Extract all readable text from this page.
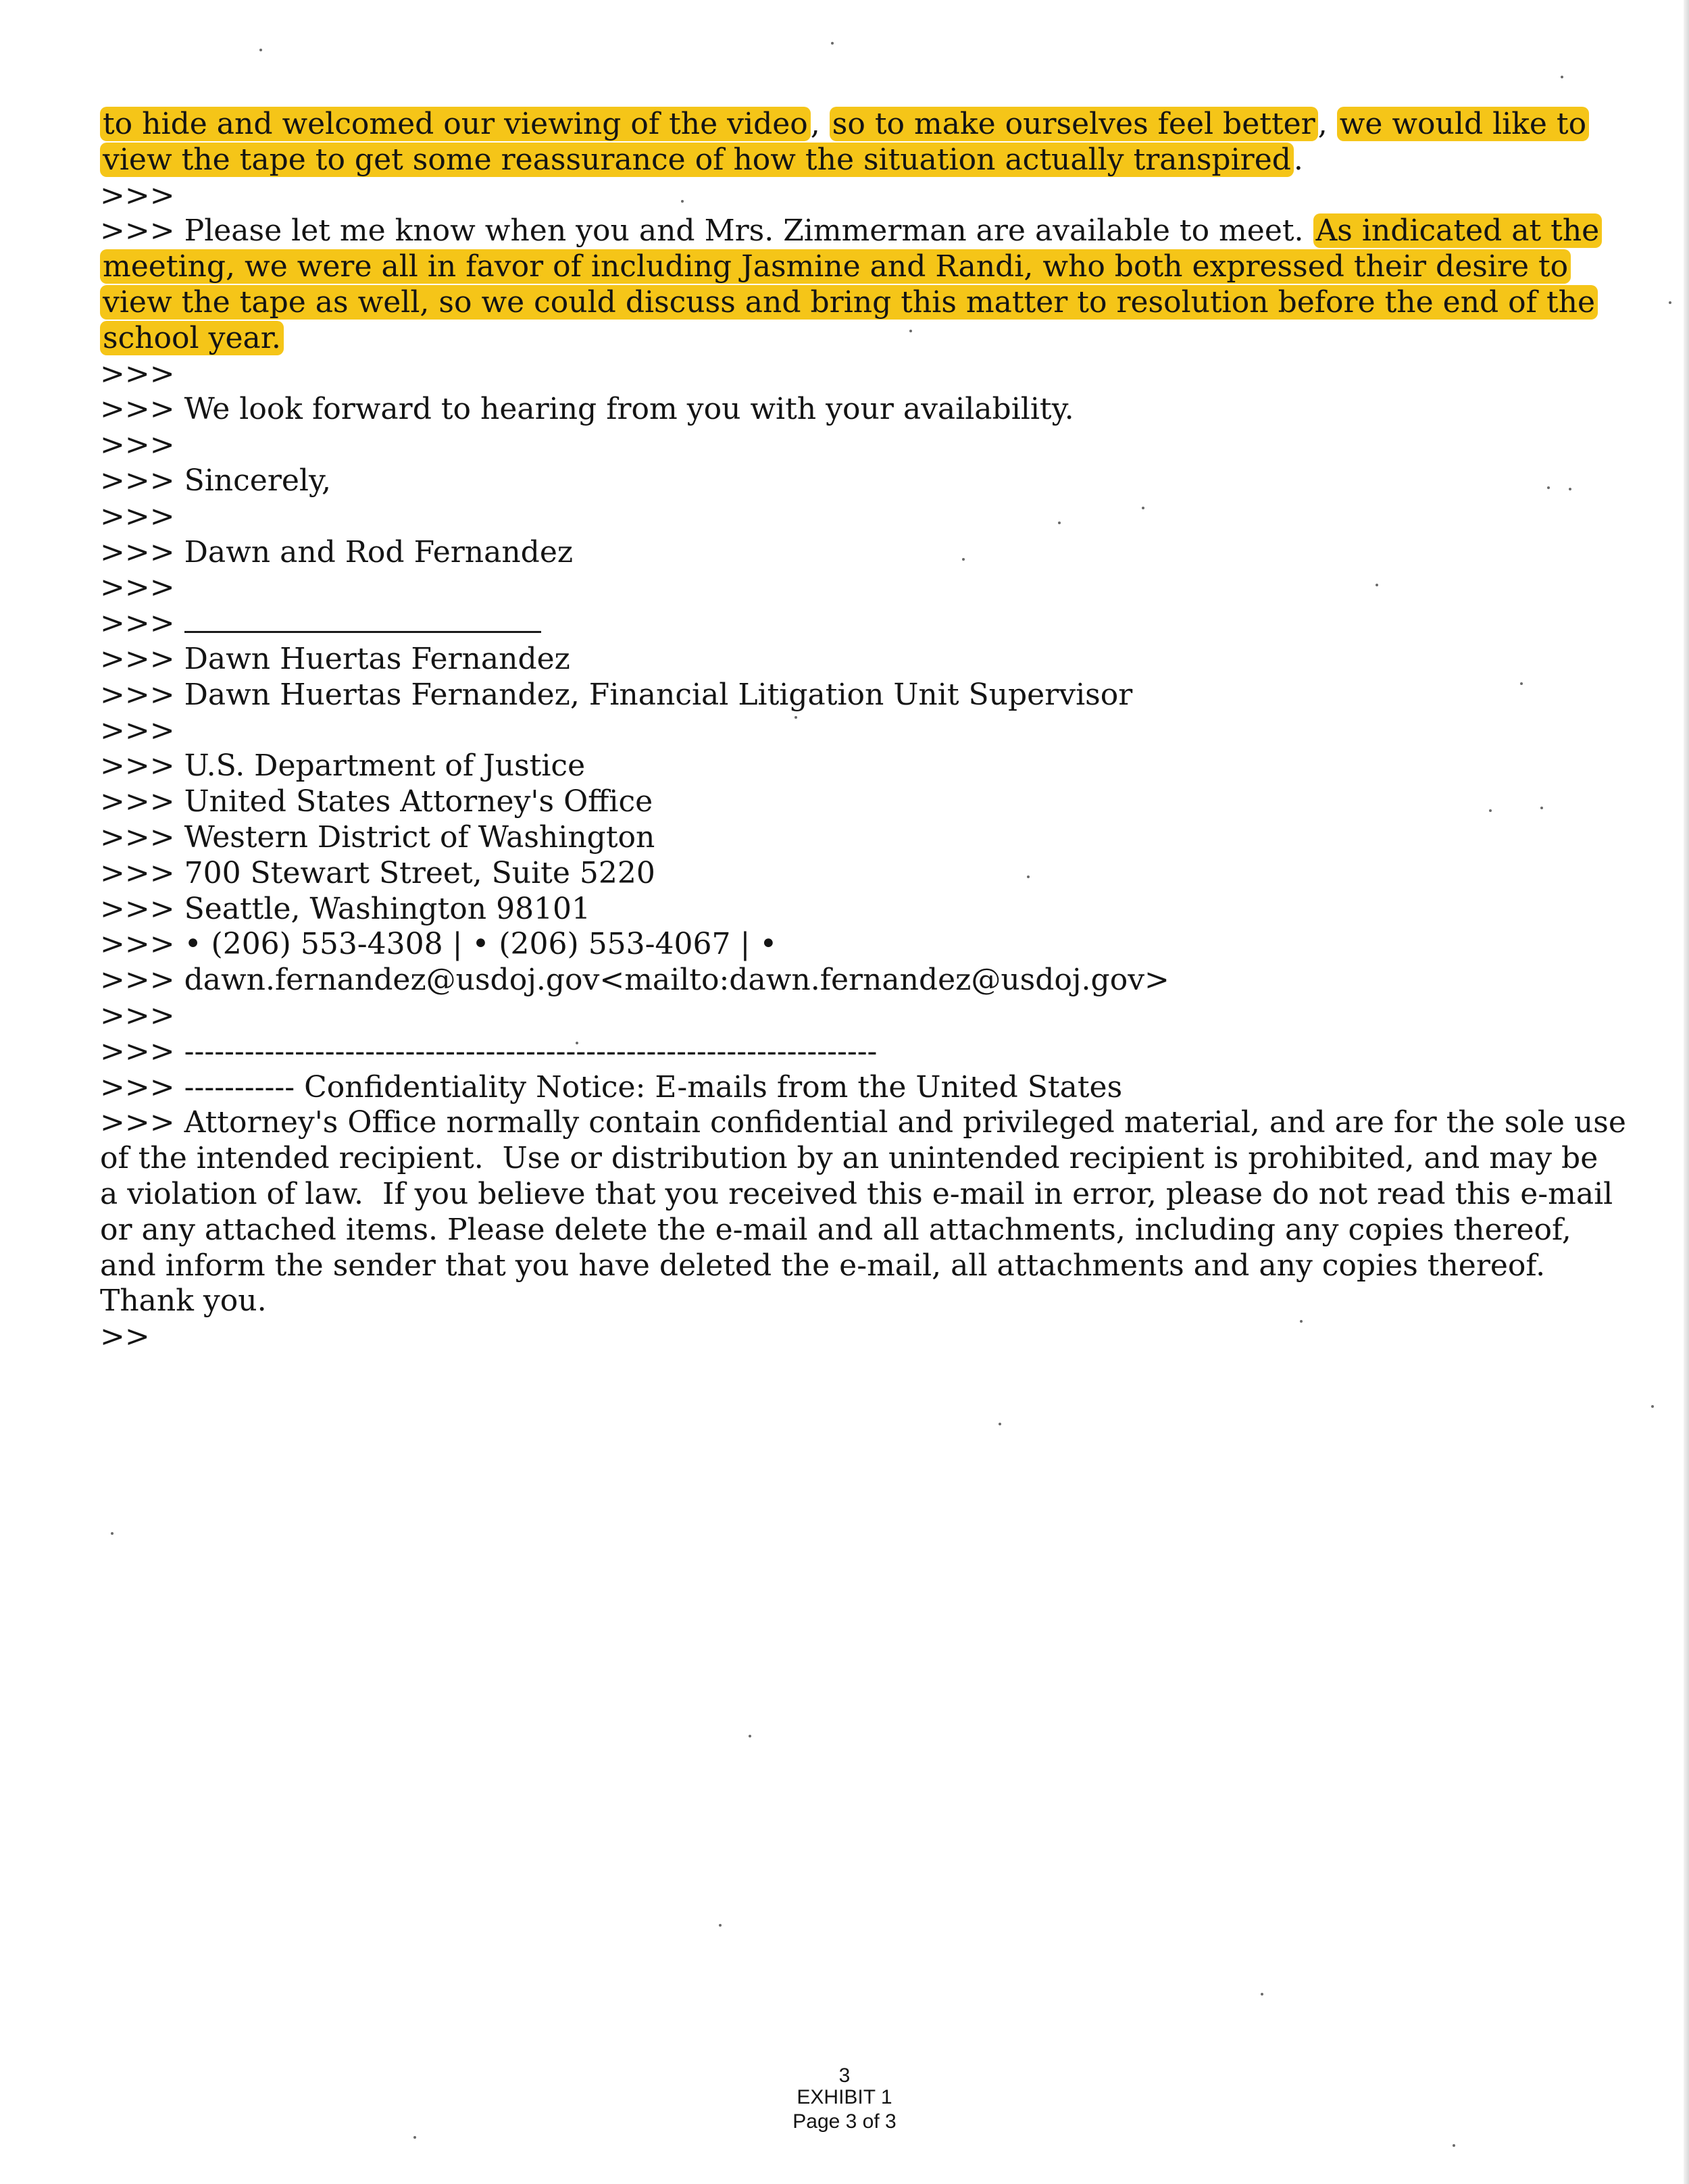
to hide and welcomed our viewing of the video, so to make ourselves feel better, we would like to
view the tape to get some reassurance of how the situation actually transpired.
>>>
>>> Please let me know when you and Mrs. Zimmerman are available to meet. As indicated at the
meeting, we were all in favor of including Jasmine and Randi, who both expressed their desire to
view the tape as well, so we could discuss and bring this matter to resolution before the end of the
school year.
>>>
>>> We look forward to hearing from you with your availability.
>>>
>>> Sincerely,
>>>
>>> Dawn and Rod Fernandez
>>>
>>>
>>> Dawn Huertas Fernandez
>>> Dawn Huertas Fernandez, Financial Litigation Unit Supervisor
>>>
>>> U.S. Department of Justice
>>> United States Attorney's Office
>>> Western District of Washington
>>> 700 Stewart Street, Suite 5220
>>> Seattle, Washington 98101
>>> • (206) 553-4308 | • (206) 553-4067 | •
>>> dawn.fernandez@usdoj.gov<mailto:dawn.fernandez@usdoj.gov>
>>>
>>> ---------------------------------------------------------------------
>>> ----------- Confidentiality Notice: E-mails from the United States
>>> Attorney's Office normally contain confidential and privileged material, and are for the sole use
of the intended recipient.  Use or distribution by an unintended recipient is prohibited, and may be
a violation of law.  If you believe that you received this e-mail in error, please do not read this e-mail
or any attached items. Please delete the e-mail and all attachments, including any copies thereof,
and inform the sender that you have deleted the e-mail, all attachments and any copies thereof.
Thank you.
>>
3
EXHIBIT 1
Page 3 of 3
